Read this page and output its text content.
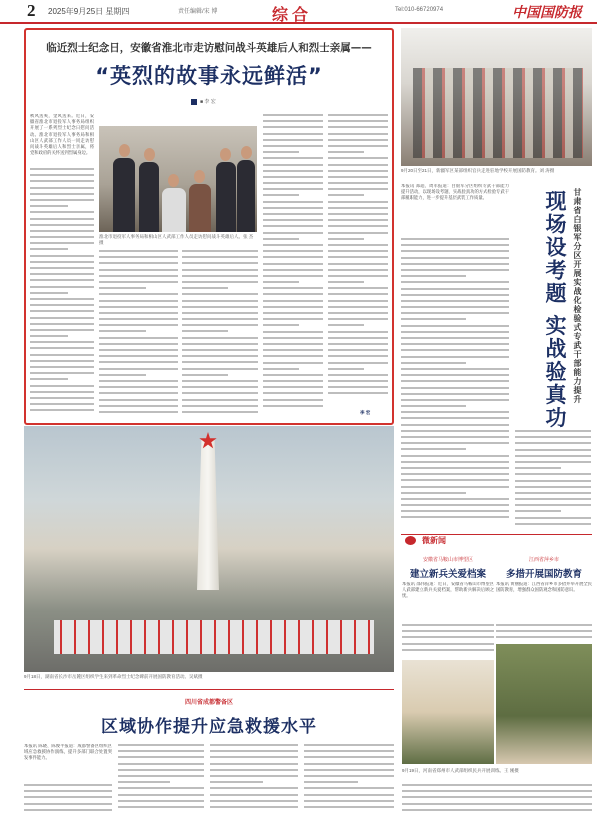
2 2025年9月25日 星期四	责任编辑/宋 博	综 合	Tel:010-66720974	中国国防报
临近烈士纪念日，安徽省淮北市走访慰问战斗英雄后人和烈士亲属——
“英烈的故事永远鲜活”
■ 李 宏
秋风送爽，金风送来。近日，安徽省淮北市退役军人事务局组织开展了一系列烈士纪念日慰问活动。淮北市退役军人事务局和相山区人武部工作人员一同走访慰问战斗英雄后人和烈士亲属，将党和政府的关怀送到烈属身边。
淮北市退役军人事务局和相山区人武部工作人员走访慰问战斗英雄后人。张 杰摄
李 宏
9月20日至21日，新疆军区某部组织官兵走进驻地学校开展国防教育。刘 涛摄
本报讯 郑超、周军报道：白银军分区组织专武干部能力提升活动，以现场设考题、实战验真功的方式检验专武干部履职能力，进一步提升基层武装工作质量。	现场设考题 实战验真功 甘肃省白银军分区开展实战化检验式专武干部能力提升
9月18日，湖南省长沙市岳麓区组织学生来到革命烈士纪念碑前开展国防教育活动。吴斌摄
微新闻
安徽省马鞍山市博望区
建立新兵关爱档案
本报讯 邵伟报道：近日，安徽省马鞍山市博望区人武部建立新兵关爱档案，帮助新兵解决后顾之忧。
江西省萍乡市
多措开展国防教育
本报讯 黄丽报道：江西省萍乡市多措并举开展全民国防教育，增强群众国防观念和国防意识。
9月19日，河南省郑州市人武部组织民兵开展训练。王 刚摄
四川省成都警备区
区域协作提升应急救援水平
本报讯 陈晓、陈俊平报道：成都警备区组织区域应急救援协作演练，提升多部门联合处置突发事件能力。
